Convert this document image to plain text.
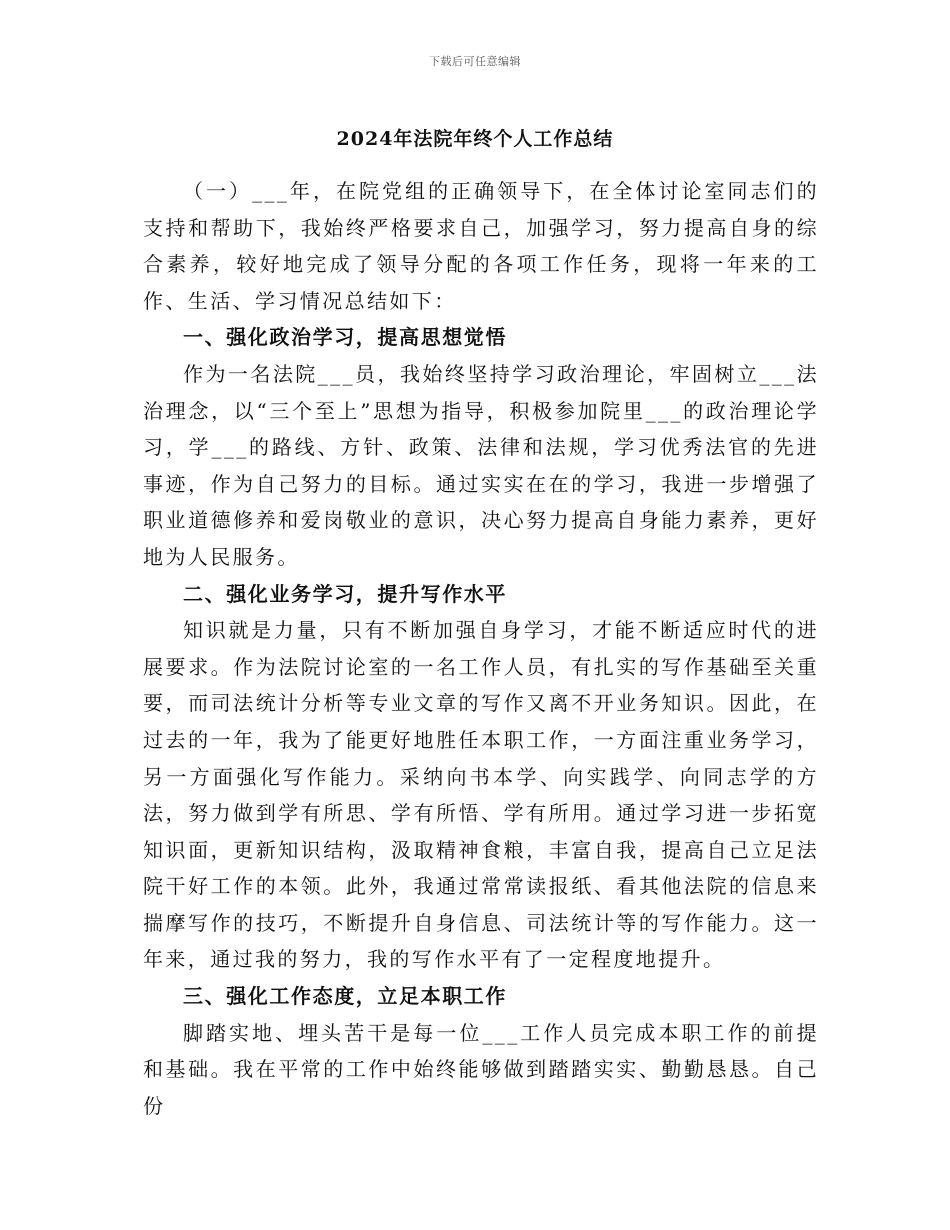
下载后可任意编辑
2024年法院年终个人工作总结

（一）___年，在院党组的正确领导下，在全体讨论室同志们的支持和帮助下，我始终严格要求自己，加强学习，努力提高自身的综合素养，较好地完成了领导分配的各项工作任务，现将一年来的工作、生活、学习情况总结如下：

一、强化政治学习，提高思想觉悟

作为一名法院___员，我始终坚持学习政治理论，牢固树立___法治理念，以“三个至上”思想为指导，积极参加院里___的政治理论学习，学___的路线、方针、政策、法律和法规，学习优秀法官的先进事迹，作为自己努力的目标。通过实实在在的学习，我进一步增强了职业道德修养和爱岗敬业的意识，决心努力提高自身能力素养，更好地为人民服务。

二、强化业务学习，提升写作水平

知识就是力量，只有不断加强自身学习，才能不断适应时代的进展要求。作为法院讨论室的一名工作人员，有扎实的写作基础至关重要，而司法统计分析等专业文章的写作又离不开业务知识。因此，在过去的一年，我为了能更好地胜任本职工作，一方面注重业务学习，另一方面强化写作能力。采纳向书本学、向实践学、向同志学的方法，努力做到学有所思、学有所悟、学有所用。通过学习进一步拓宽知识面，更新知识结构，汲取精神食粮，丰富自我，提高自己立足法院干好工作的本领。此外，我通过常常读报纸、看其他法院的信息来揣摩写作的技巧，不断提升自身信息、司法统计等的写作能力。这一年来，通过我的努力，我的写作水平有了一定程度地提升。

三、强化工作态度，立足本职工作

脚踏实地、埋头苦干是每一位___工作人员完成本职工作的前提和基础。我在平常的工作中始终能够做到踏踏实实、勤勤恳恳。自己份
